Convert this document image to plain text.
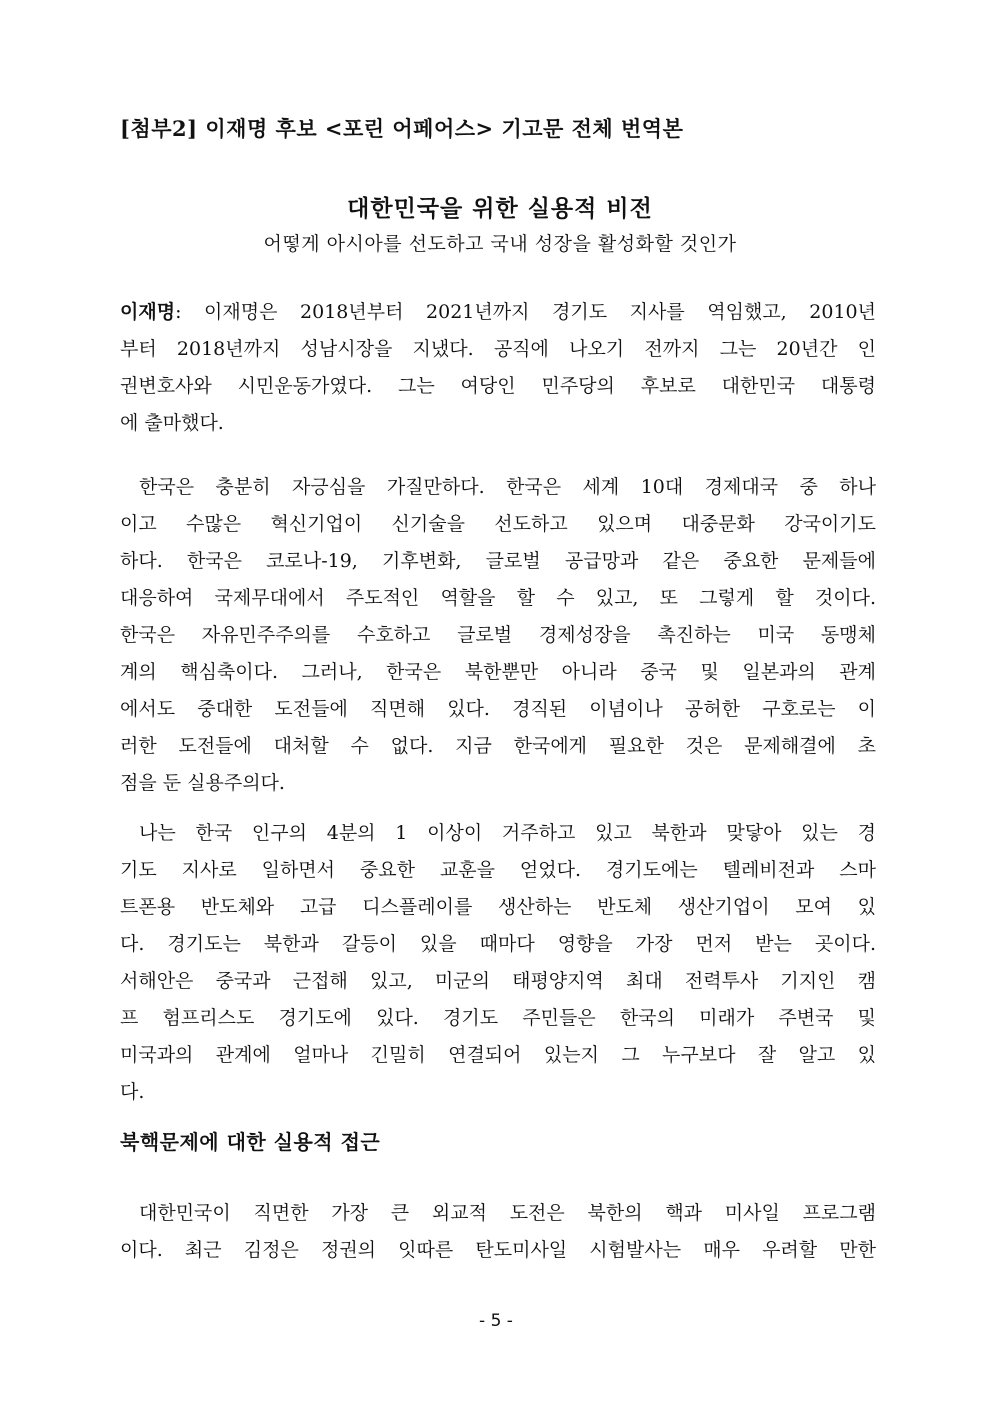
[첨부2] 이재명 후보 <포린 어페어스> 기고문 전체 번역본
대한민국을 위한 실용적 비전
어떻게 아시아를 선도하고 국내 성장을 활성화할 것인가
이재명: 이재명은 2018년부터 2021년까지 경기도 지사를 역임했고, 2010년
부터 2018년까지 성남시장을 지냈다. 공직에 나오기 전까지 그는 20년간 인
권변호사와 시민운동가였다. 그는 여당인 민주당의 후보로 대한민국 대통령
에 출마했다.
한국은 충분히 자긍심을 가질만하다. 한국은 세계 10대 경제대국 중 하나
이고 수많은 혁신기업이 신기술을 선도하고 있으며 대중문화 강국이기도
하다. 한국은 코로나-19, 기후변화, 글로벌 공급망과 같은 중요한 문제들에
대응하여 국제무대에서 주도적인 역할을 할 수 있고, 또 그렇게 할 것이다.
한국은 자유민주주의를 수호하고 글로벌 경제성장을 촉진하는 미국 동맹체
계의 핵심축이다. 그러나, 한국은 북한뿐만 아니라 중국 및 일본과의 관계
에서도 중대한 도전들에 직면해 있다. 경직된 이념이나 공허한 구호로는 이
러한 도전들에 대처할 수 없다. 지금 한국에게 필요한 것은 문제해결에 초
점을 둔 실용주의다.
나는 한국 인구의 4분의 1 이상이 거주하고 있고 북한과 맞닿아 있는 경
기도 지사로 일하면서 중요한 교훈을 얻었다. 경기도에는 텔레비전과 스마
트폰용 반도체와 고급 디스플레이를 생산하는 반도체 생산기업이 모여 있
다. 경기도는 북한과 갈등이 있을 때마다 영향을 가장 먼저 받는 곳이다.
서해안은 중국과 근접해 있고, 미군의 태평양지역 최대 전력투사 기지인 캠
프 험프리스도 경기도에 있다. 경기도 주민들은 한국의 미래가 주변국 및
미국과의 관계에 얼마나 긴밀히 연결되어 있는지 그 누구보다 잘 알고 있
다.
북핵문제에 대한 실용적 접근
대한민국이 직면한 가장 큰 외교적 도전은 북한의 핵과 미사일 프로그램
이다. 최근 김정은 정권의 잇따른 탄도미사일 시험발사는 매우 우려할 만한
- 5 -
